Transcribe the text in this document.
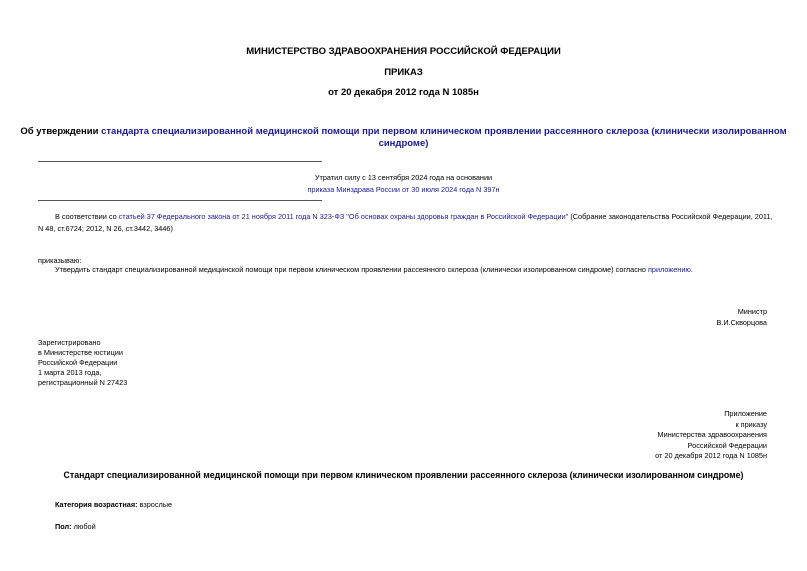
МИНИСТЕРСТВО ЗДРАВООХРАНЕНИЯ РОССИЙСКОЙ ФЕДЕРАЦИИ
ПРИКАЗ
от 20 декабря 2012 года N 1085н
Об утверждении стандарта специализированной медицинской помощи при первом клиническом проявлении рассеянного склероза (клинически изолированном
синдроме)
Утратил силу с 13 сентября 2024 года на основании
приказа Минздрава России от 30 июля 2024 года N 397н
В соответствии со статьей 37 Федерального закона от 21 ноября 2011 года N 323-ФЗ "Об основах охраны здоровья граждан в Российской Федерации" (Собрание законодательства Российской Федерации, 2011,
N 48, ст.6724; 2012, N 26, ст.3442, 3446)
приказываю:
Утвердить стандарт специализированной медицинской помощи при первом клиническом проявлении рассеянного склероза (клинически изолированном синдроме) согласно приложению.
Министр
В.И.Скворцова
Зарегистрировано
в Министерстве юстиции
Российской Федерации
1 марта 2013 года,
регистрационный N 27423
Приложение
к приказу
Министерства здравоохранения
Российской Федерации
от 20 декабря 2012 года N 1085н
Стандарт специализированной медицинской помощи при первом клиническом проявлении рассеянного склероза (клинически изолированном синдроме)
Категория возрастная: взрослые
Пол: любой
